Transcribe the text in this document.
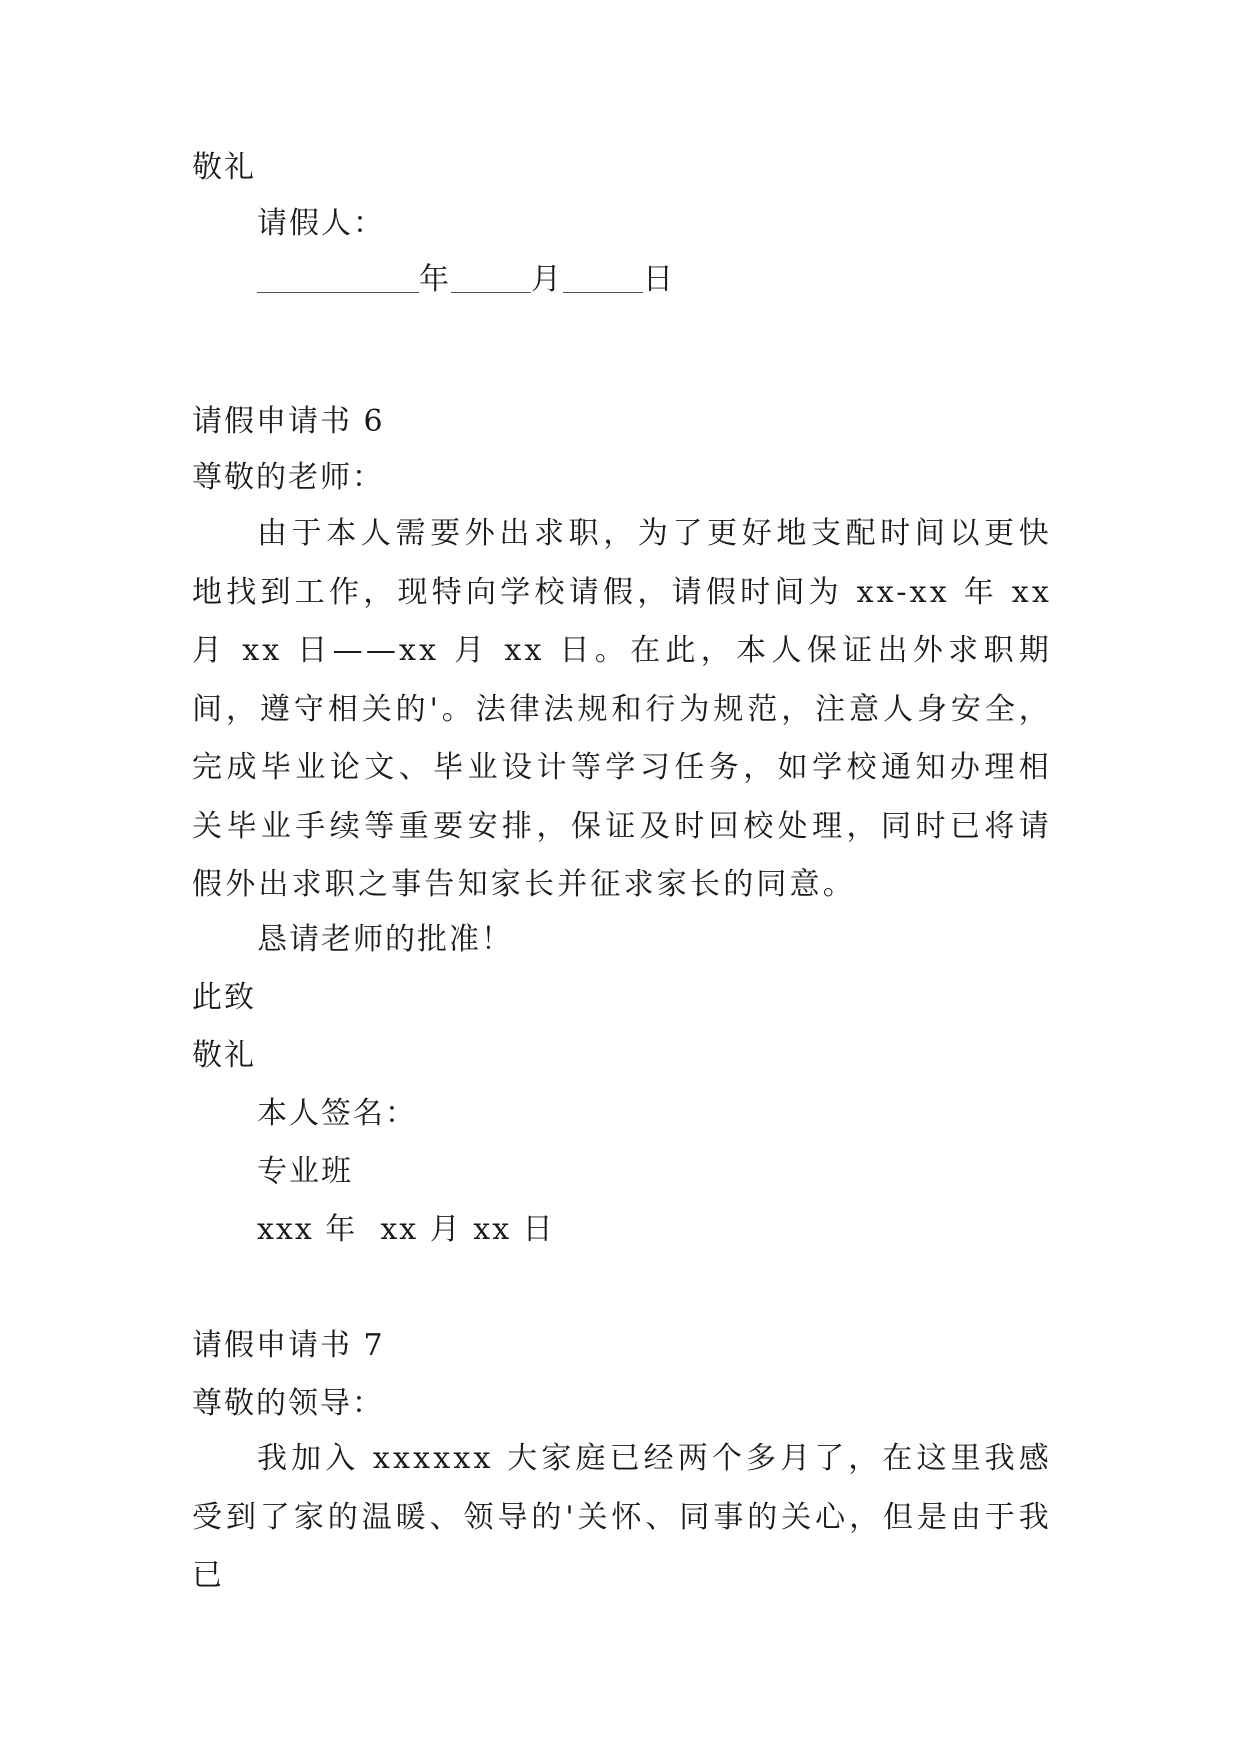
敬礼
请假人：
年	月	日
请假申请书 6
尊敬的老师：

由于本人需要外出求职，为了更好地支配时间以更快地找到工作，现特向学校请假，请假时间为 xx-xx 年 xx 月 xx 日——xx 月 xx 日。在此，本人保证出外求职期间，遵守相关的'。法律法规和行为规范，注意人身安全，完成毕业论文、毕业设计等学习任务，如学校通知办理相关毕业手续等重要安排，保证及时回校处理，同时已将请假外出求职之事告知家长并征求家长的同意。

恳请老师的批准！
此致
敬礼
本人签名：
专业班
xxx 年  xx 月 xx 日
请假申请书 7
尊敬的领导：

我加入 xxxxxx 大家庭已经两个多月了，在这里我感受到了家的温暖、领导的'关怀、同事的关心，但是由于我已
